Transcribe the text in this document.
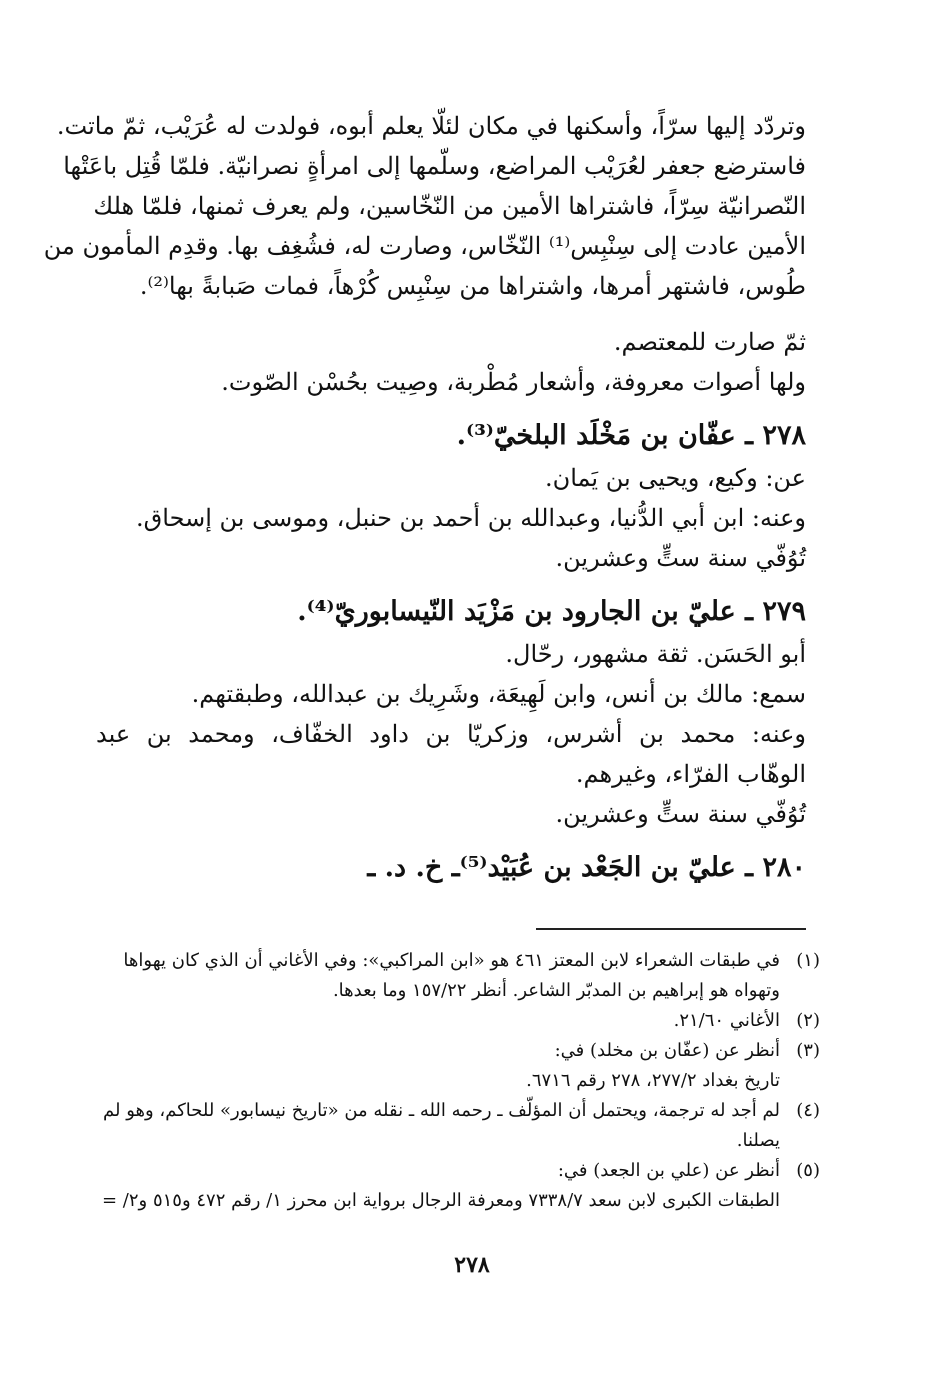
وتردّد إليها سرّاً، وأسكنها في مكان لئلّا يعلم أبوه، فولدت له عُرَيْب، ثمّ ماتت.
فاسترضع جعفر لعُرَيْب المراضع، وسلّمها إلى امرأةٍ نصرانيّة. فلمّا قُتِل باعَتْها
النّصرانيّة سِرّاً، فاشتراها الأمين من النّخّاسين، ولم يعرف ثمنها، فلمّا هلك
الأمين عادت إلى سِنْبِس⁽¹⁾ النّخّاس، وصارت له، فشُغِف بها. وقدِم المأمون من
طُوس، فاشتهر أمرها، واشتراها من سِنْبِس كُرْهاً، فمات صَبابةً بها⁽²⁾.
ثمّ صارت للمعتصم.
ولها أصوات معروفة، وأشعار مُطْربة، وصِيت بحُسْن الصّوت.
٢٧٨ ـ عفّان بن مَخْلَد البلخيّ⁽³⁾.
عن: وكيع، ويحيى بن يَمان.
وعنه: ابن أبي الدُّنيا، وعبدالله بن أحمد بن حنبل، وموسى بن إسحاق.
تُوُفّي سنة ستٍّ وعشرين.
٢٧٩ ـ عليّ بن الجارود بن مَزْيَد النّيسابوريّ⁽⁴⁾.
أبو الحَسَن. ثقة مشهور، رحّال.
سمع: مالك بن أنس، وابن لَهِيعَة، وشَرِيك بن عبدالله، وطبقتهم.
وعنه: محمد بن أشرس، وزكريّا بن داود الخفّاف، ومحمد بن عبد
الوهّاب الفرّاء، وغيرهم.
تُوُفّي سنة ستٍّ وعشرين.
٢٨٠ ـ عليّ بن الجَعْد بن عُبَيْد⁽⁵⁾ـ خ. د. ـ
(١)في طبقات الشعراء لابن المعتز ٤٦١ هو «ابن المراكبي»: وفي الأغاني أن الذي كان يهواها
وتهواه هو إبراهيم بن المدبّر الشاعر. أنظر ١٥٧/٢٢ وما بعدها.
(٢)الأغاني ٢١/٦٠.
(٣)أنظر عن (عفّان بن مخلد) في:
تاريخ بغداد ٢٧٧/٢، ٢٧٨ رقم ٦٧١٦.
(٤)لم أجد له ترجمة، ويحتمل أن المؤلّف ـ رحمه الله ـ نقله من «تاريخ نيسابور» للحاكم، وهو لم
يصلنا.
(٥)أنظر عن (علي بن الجعد) في:
الطبقات الكبرى لابن سعد ٧٣٣٨/٧ ومعرفة الرجال برواية ابن محرز ١/ رقم ٤٧٢ و٥١٥ و٢/ =
٢٧٨
